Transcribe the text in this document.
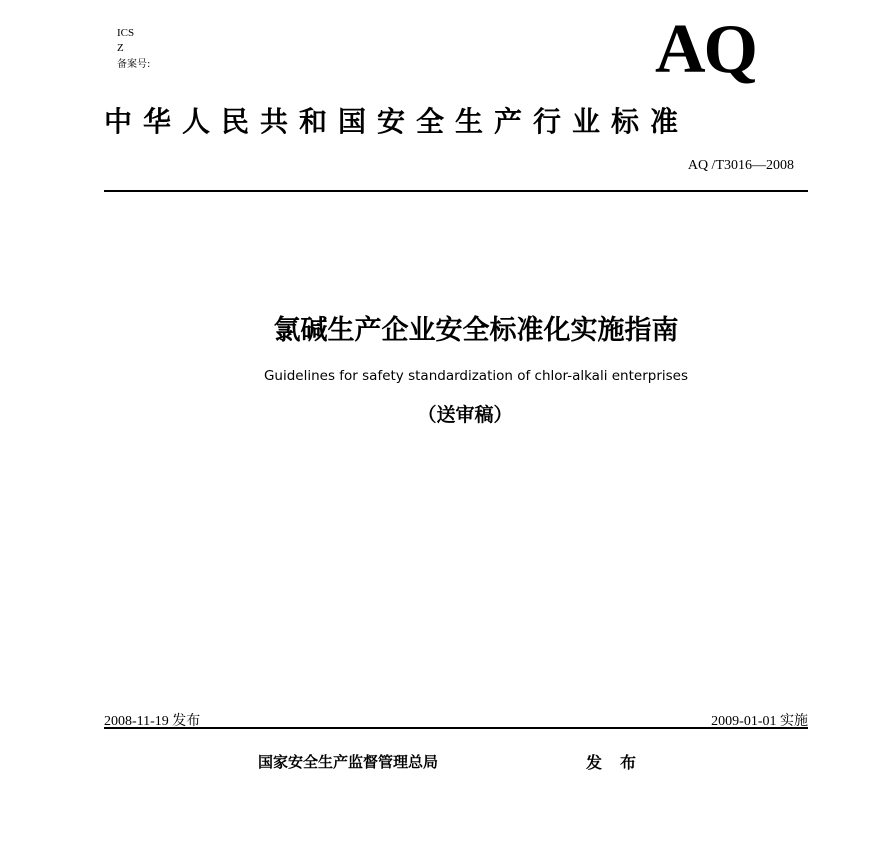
ICS
Z
备案号:	AQ
中华人民共和国安全生产行业标准
AQ /T3016—2008
氯碱生产企业安全标准化实施指南
Guidelines for safety standardization of chlor-alkali enterprises
（送审稿）
2008-11-19 发布	2009-01-01 实施
国家安全生产监督管理总局	发布
